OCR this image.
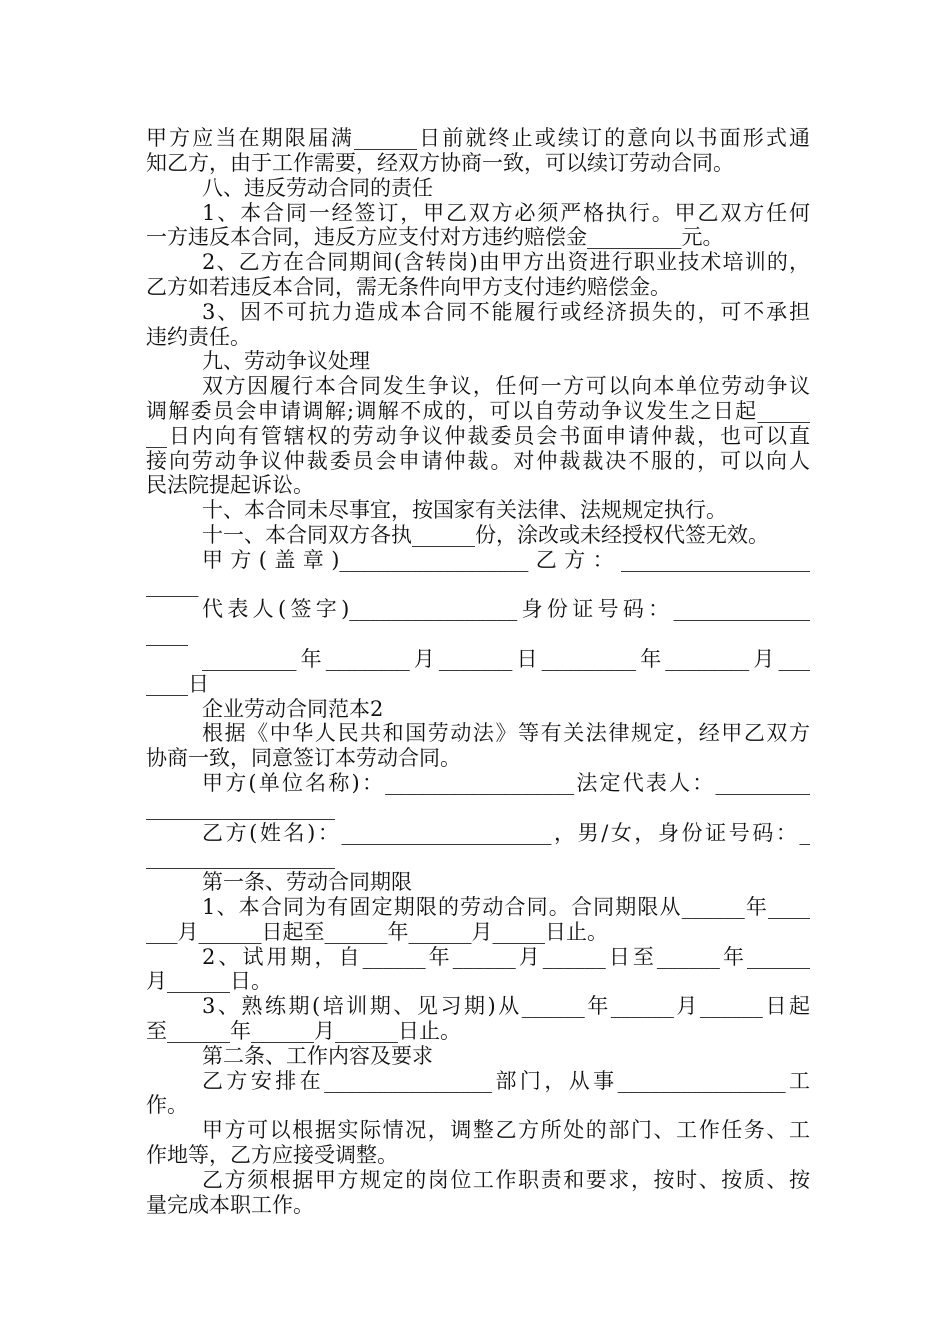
甲方应当在期限届满______日前就终止或续订的意向以书面形式通
知乙方，由于工作需要，经双方协商一致，可以续订劳动合同。
八、违反劳动合同的责任
1、本合同一经签订，甲乙双方必须严格执行。甲乙双方任何
一方违反本合同，违反方应支付对方违约赔偿金_________元。
2、乙方在合同期间(含转岗)由甲方出资进行职业技术培训的，
乙方如若违反本合同，需无条件向甲方支付违约赔偿金。
3、因不可抗力造成本合同不能履行或经济损失的，可不承担
违约责任。
九、劳动争议处理
双方因履行本合同发生争议，任何一方可以向本单位劳动争议
调解委员会申请调解;调解不成的，可以自劳动争议发生之日起_____
__日内向有管辖权的劳动争议仲裁委员会书面申请仲裁，也可以直
接向劳动争议仲裁委员会申请仲裁。对仲裁裁决不服的，可以向人
民法院提起诉讼。
十、本合同未尽事宜，按国家有关法律、法规规定执行。
十一、本合同双方各执______份，涂改或未经授权代签无效。
甲方(盖章)__________________乙方：__________________
_____
代表人(签字)________________身份证号码：_____________
____
_________年________月_______日_________年________月___
____日
企业劳动合同范本2
根据《中华人民共和国劳动法》等有关法律规定，经甲乙双方
协商一致，同意签订本劳动合同。
甲方(单位名称)：__________________法定代表人：_________
__________________
乙方(姓名)：____________________，男/女，身份证号码：_
__________________
第一条、劳动合同期限
1、本合同为有固定期限的劳动合同。合同期限从______年____
___月______日起至______年______月_____日止。
2、试用期，自______年______月______日至______年______
月______日。
3、熟练期(培训期、见习期)从______年______月______日起
至______年______月______日止。
第二条、工作内容及要求
乙方安排在________________部门，从事________________工
作。
甲方可以根据实际情况，调整乙方所处的部门、工作任务、工
作地等，乙方应接受调整。
乙方须根据甲方规定的岗位工作职责和要求，按时、按质、按
量完成本职工作。
